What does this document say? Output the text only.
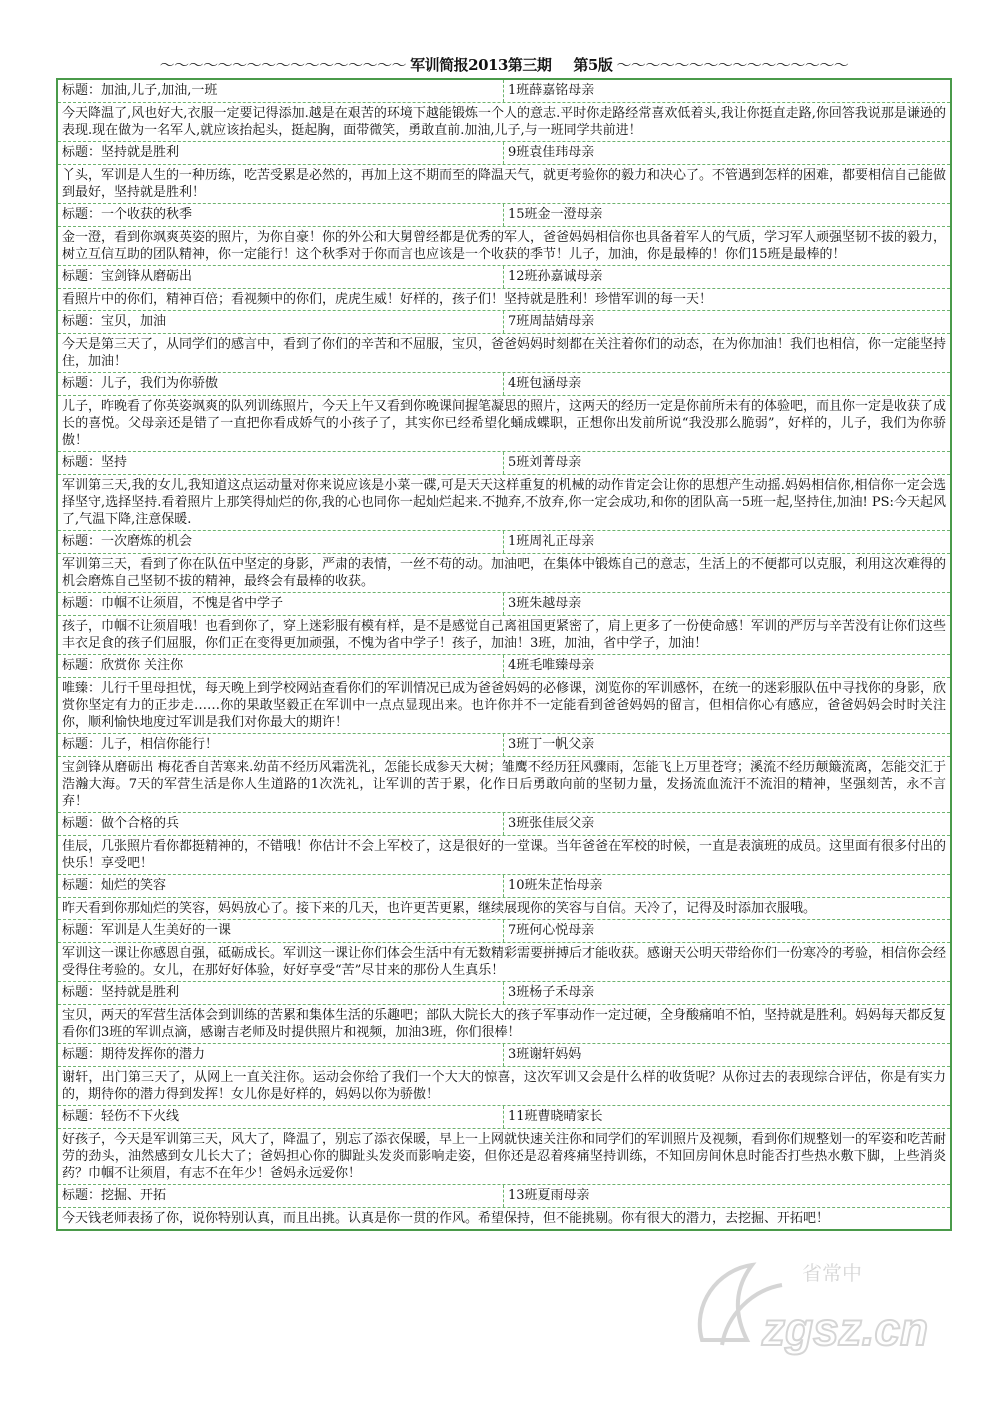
～～～～～～～～～～～～～～～～～ 军训简报2013第三期 第5版 ～～～～～～～～～～～～～～～～
标题：加油,儿子,加油,一班	1班薛嘉铭母亲
今天降温了,风也好大,衣服一定要记得添加.越是在艰苦的环境下越能锻炼一个人的意志.平时你走路经常喜欢低着头,我让你挺直走路,你回答我说那是谦逊的表现.现在做为一名军人,就应该抬起头，挺起胸，面带微笑，勇敢直前.加油,儿子,与一班同学共前进！
标题：坚持就是胜利	9班袁佳玮母亲
丫头，军训是人生的一种历练，吃苦受累是必然的，再加上这不期而至的降温天气，就更考验你的毅力和决心了。不管遇到怎样的困难，都要相信自己能做到最好，坚持就是胜利！
标题：一个收获的秋季	15班金一澄母亲
金一澄，看到你飒爽英姿的照片，为你自豪！你的外公和大舅曾经都是优秀的军人，爸爸妈妈相信你也具备着军人的气质，学习军人顽强坚韧不拔的毅力，树立互信互助的团队精神，你一定能行！这个秋季对于你而言也应该是一个收获的季节！儿子，加油，你是最棒的！你们15班是最棒的！
标题：宝剑锋从磨砺出	12班孙嘉诚母亲
看照片中的你们，精神百倍；看视频中的你们，虎虎生威！好样的，孩子们！坚持就是胜利！珍惜军训的每一天！
标题：宝贝，加油	7班周喆婧母亲
今天是第三天了，从同学们的感言中，看到了你们的辛苦和不屈服，宝贝，爸爸妈妈时刻都在关注着你们的动态，在为你加油！我们也相信，你一定能坚持住，加油！
标题：儿子，我们为你骄傲	4班包涵母亲
儿子，昨晚看了你英姿飒爽的队列训练照片，今天上午又看到你晚课间握笔凝思的照片，这两天的经历一定是你前所未有的体验吧，而且你一定是收获了成长的喜悦。父母亲还是错了一直把你看成娇气的小孩子了，其实你已经希望化蛹成蝶职，正想你出发前所说“我没那么脆弱”，好样的，儿子，我们为你骄傲！
标题：坚持	5班刘菁母亲
军训第三天,我的女儿,我知道这点运动量对你来说应该是小菜一碟,可是天天这样重复的机械的动作肯定会让你的思想产生动摇.妈妈相信你,相信你一定会选择坚守,选择坚持.看着照片上那笑得灿烂的你,我的心也同你一起灿烂起来.不抛弃,不放弃,你一定会成功,和你的团队高一5班一起,坚持住,加油! PS:今天起风了,气温下降,注意保暖.
标题：一次磨炼的机会	1班周礼正母亲
军训第三天，看到了你在队伍中坚定的身影，严肃的表情，一丝不苟的动。加油吧，在集体中锻炼自己的意志，生活上的不便都可以克服，利用这次难得的机会磨炼自己坚韧不拔的精神，最终会有最棒的收获。
标题：巾帼不让须眉，不愧是省中学子	3班朱越母亲
孩子，巾帼不让须眉哦！也看到你了，穿上迷彩服有模有样，是不是感觉自己离祖国更紧密了，肩上更多了一份使命感！军训的严厉与辛苦没有让你们这些丰衣足食的孩子们屈服，你们正在变得更加顽强，不愧为省中学子！孩子，加油！3班，加油，省中学子，加油！
标题：欣赏你 关注你	4班毛唯臻母亲
唯臻：儿行千里母担忧，每天晚上到学校网站查看你们的军训情况已成为爸爸妈妈的必修课，浏览你的军训感怀，在统一的迷彩服队伍中寻找你的身影，欣赏你坚定有力的正步走……你的果敢坚毅正在军训中一点点显现出来。也许你并不一定能看到爸爸妈妈的留言，但相信你心有感应，爸爸妈妈会时时关注你，顺利愉快地度过军训是我们对你最大的期许！
标题：儿子，相信你能行！	3班丁一帆父亲
宝剑锋从磨砺出 梅花香自苦寒来.幼苗不经历风霜洗礼，怎能长成参天大树；雏鹰不经历狂风骤雨，怎能飞上万里苍穹；溪流不经历颠簸流离，怎能交汇于浩瀚大海。7天的军营生活是你人生道路的1次洗礼，让军训的苦于累，化作日后勇敢向前的坚韧力量，发扬流血流汗不流泪的精神，坚强刻苦，永不言弃！
标题：做个合格的兵	3班张佳辰父亲
佳辰，几张照片看你都挺精神的，不错哦！你估计不会上军校了，这是很好的一堂课。当年爸爸在军校的时候，一直是表演班的成员。这里面有很多付出的快乐！享受吧！
标题：灿烂的笑容	10班朱芷怡母亲
昨天看到你那灿烂的笑容，妈妈放心了。接下来的几天，也许更苦更累，继续展现你的笑容与自信。天冷了，记得及时添加衣服哦。
标题：军训是人生美好的一课	7班何心悦母亲
军训这一课让你感恩自强，砥砺成长。军训这一课让你们体会生活中有无数精彩需要拼搏后才能收获。感谢天公明天带给你们一份寒冷的考验，相信你会经受得住考验的。女儿，在那好好体验，好好享受“苦”尽甘来的那份人生真乐！
标题：坚持就是胜利	3班杨子禾母亲
宝贝，两天的军营生活体会到训练的苦累和集体生活的乐趣吧；部队大院长大的孩子军事动作一定过硬，全身酸痛咱不怕，坚持就是胜利。妈妈每天都反复看你们3班的军训点滴，感谢吉老师及时提供照片和视频，加油3班，你们很棒！
标题：期待发挥你的潜力	3班谢轩妈妈
谢轩，出门第三天了，从网上一直关注你。运动会你给了我们一个大大的惊喜，这次军训又会是什么样的收货呢？从你过去的表现综合评估，你是有实力的，期待你的潜力得到发挥！女儿你是好样的，妈妈以你为骄傲！
标题：轻伤不下火线	11班曹晓晴家长
好孩子，今天是军训第三天，风大了，降温了，别忘了添衣保暖，早上一上网就快速关注你和同学们的军训照片及视频，看到你们规整划一的军姿和吃苦耐劳的劲头，油然感到女儿长大了；爸妈担心你的脚趾头发炎而影响走姿，但你还是忍着疼痛坚持训练，不知回房间休息时能否打些热水敷下脚，上些消炎药？巾帼不让须眉，有志不在年少！爸妈永远爱你！
标题：挖掘、开拓	13班夏雨母亲
今天钱老师表扬了你，说你特别认真，而且出挑。认真是你一贯的作风。希望保持，但不能挑剔。你有很大的潜力，去挖掘、开拓吧！
省常中
zgsz.cn
